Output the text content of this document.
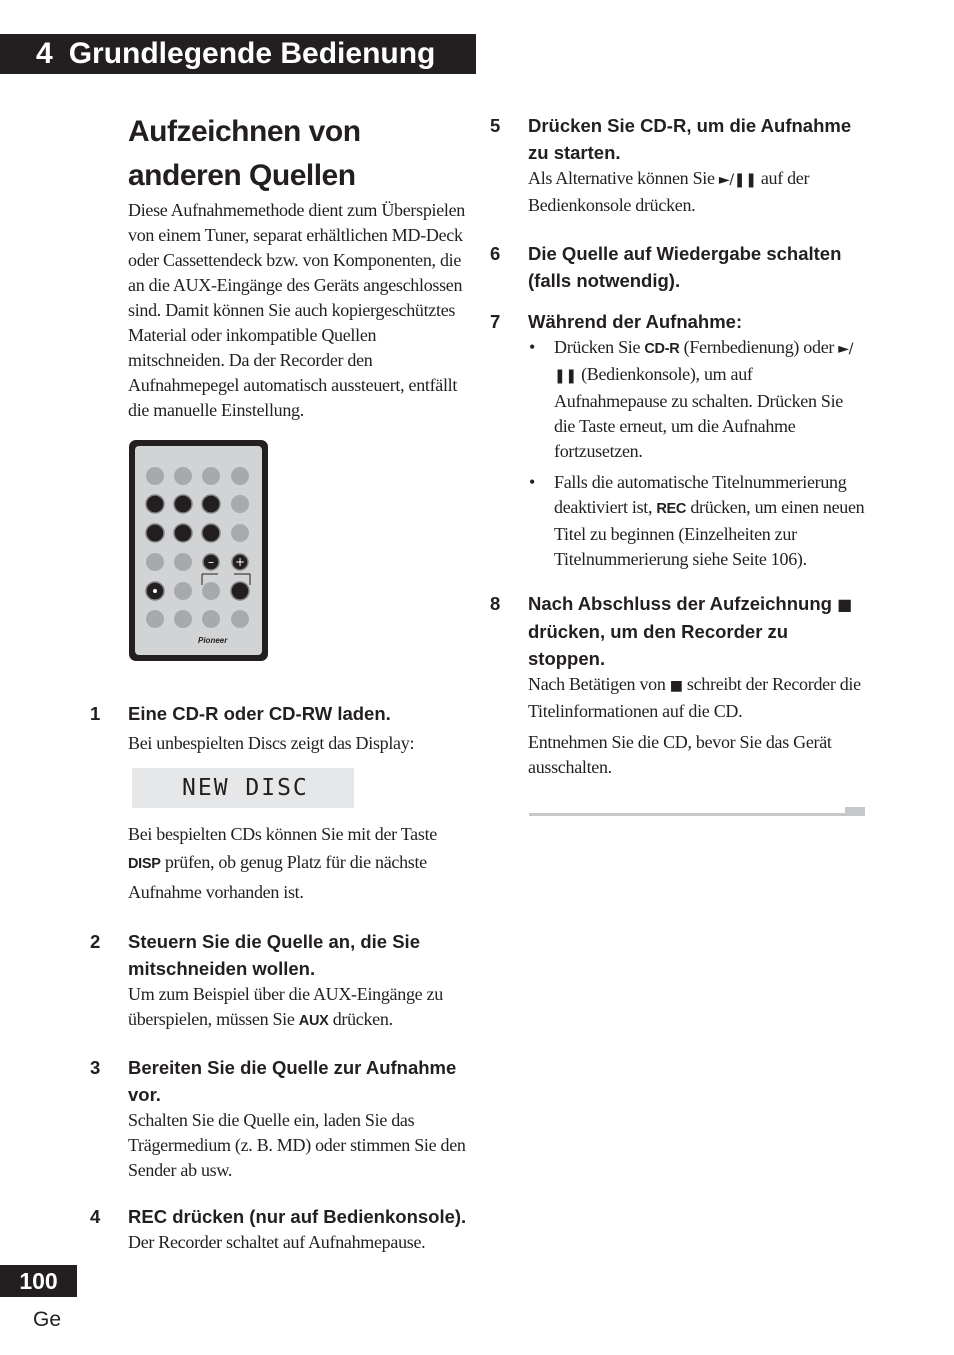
4 Grundlegende Bedienung
Aufzeichnen von
anderen Quellen

Diese Aufnahmemethode dient zum Überspielen von einem Tuner, separat erhältlichen MD-Deck oder Cassettendeck bzw. von Komponenten, die an die AUX-Eingänge des Geräts angeschlossen sind. Damit können Sie auch kopiergeschütztes Material oder inkompatible Quellen mitschneiden. Da der Recorder den Aufnahmepegel automatisch aussteuert, entfällt die manuelle Einstellung.

– +
Pioneer
1	Eine CD-R oder CD-RW laden.

Bei unbespielten Discs zeigt das Display:

NEW DISC

Bei bespielten CDs können Sie mit der Taste
DISP prüfen, ob genug Platz für die nächste Aufnahme vorhanden ist.

2	Steuern Sie die Quelle an, die Sie mitschneiden wollen.

Um zum Beispiel über die AUX-Eingänge zu überspielen, müssen Sie AUX drücken.

3	Bereiten Sie die Quelle zur Aufnahme vor.

Schalten Sie die Quelle ein, laden Sie das Trägermedium (z. B. MD) oder stimmen Sie den Sender ab usw.

4	REC drücken (nur auf Bedienkonsole).

Der Recorder schaltet auf Aufnahmepause.

5	Drücken Sie CD-R, um die Aufnahme zu starten.

Als Alternative können Sie ►/❚❚ auf der Bedienkonsole drücken.

6	Die Quelle auf Wiedergabe schalten (falls notwendig).
7	Während der Aufnahme:
• Drücken Sie CD-R (Fernbedienung) oder ►/❚❚ (Bedienkonsole), um auf Aufnahmepause zu schalten. Drücken Sie die Taste erneut, um die Aufnahme fortzusetzen.
• Falls die automatische Titelnummerierung deaktiviert ist, REC drücken, um einen neuen Titel zu beginnen (Einzelheiten zur Titelnummerierung siehe Seite 106).
8	Nach Abschluss der Aufzeichnung ■ drücken, um den Recorder zu stoppen.

Nach Betätigen von ■ schreibt der Recorder die Titelinformationen auf die CD.

Entnehmen Sie die CD, bevor Sie das Gerät ausschalten.

100
Ge
